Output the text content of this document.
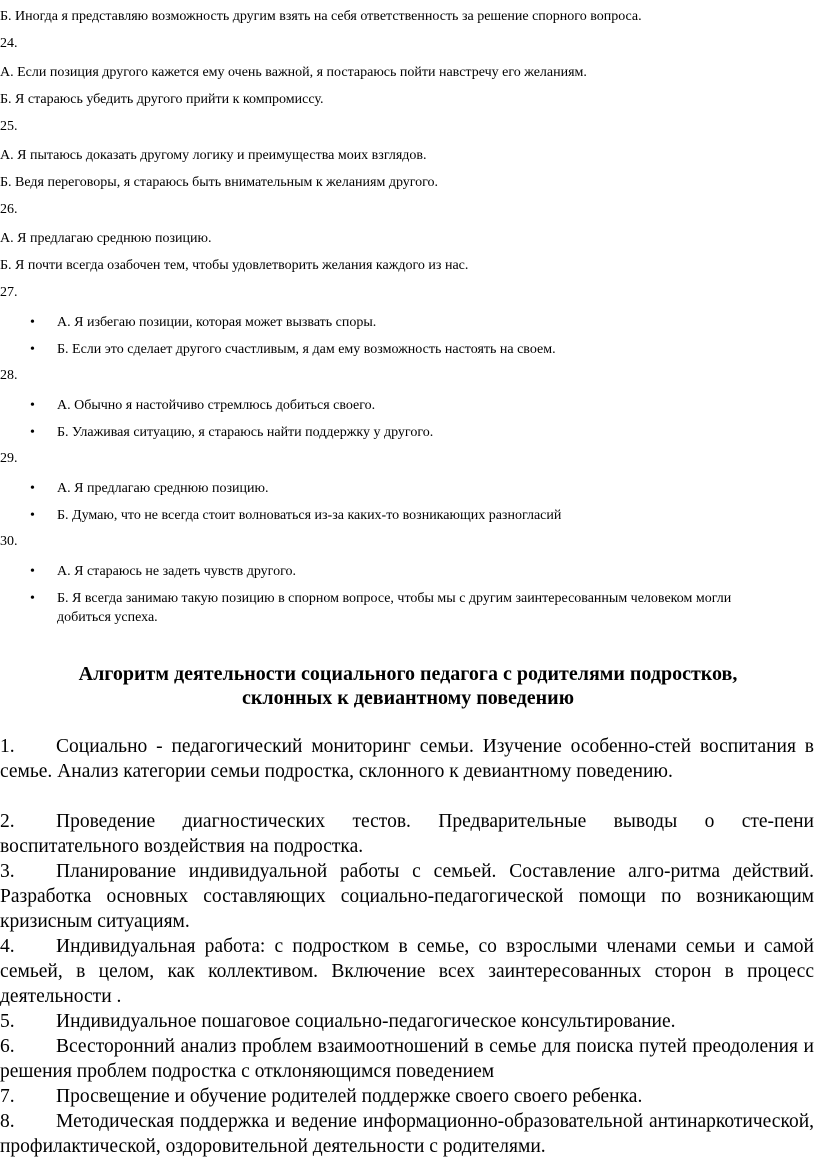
Б. Иногда я представляю возможность другим взять на себя ответственность за решение спорного вопроса.
24.
А. Если позиция другого кажется ему очень важной, я постараюсь пойти навстречу его желаниям.
Б. Я стараюсь убедить другого прийти к компромиссу.
25.
А. Я пытаюсь доказать другому логику и преимущества моих взглядов.
Б. Ведя переговоры, я стараюсь быть внимательным к желаниям другого.
26.
А. Я предлагаю среднюю позицию.
Б. Я почти всегда озабочен тем, чтобы удовлетворить желания каждого из нас.
27.
• А. Я избегаю позиции, которая может вызвать споры.
• Б. Если это сделает другого счастливым, я дам ему возможность настоять на своем.
28.
• А. Обычно я настойчиво стремлюсь добиться своего.
• Б. Улаживая ситуацию, я стараюсь найти поддержку у другого.
29.
• А. Я предлагаю среднюю позицию.
• Б. Думаю, что не всегда стоит волноваться из-за каких-то возникающих разногласий
30.
• А. Я стараюсь не задеть чувств другого.
• Б. Я всегда занимаю такую позицию в спорном вопросе, чтобы мы с другим заинтересованным человеком могли
добиться успеха.
Алгоритм деятельности социального педагога с родителями подростков,
склонных к девиантному поведению
1. Социально - педагогический мониторинг семьи. Изучение особенно-стей воспитания в семье. Анализ категории семьи подростка, склонного к девиантному поведению.
2. Проведение диагностических тестов. Предварительные выводы о сте-пени воспитательного воздействия на подростка.
3. Планирование индивидуальной работы с семьей. Составление алго-ритма действий. Разработка основных составляющих социально-педагогической помощи по возникающим кризисным ситуациям.
4. Индивидуальная работа: с подростком в семье, со взрослыми членами семьи и самой семьей, в целом, как коллективом. Включение всех заинтересованных сторон в процесс деятельности .
5. Индивидуальное пошаговое социально-педагогическое консультирование.
6. Всесторонний анализ проблем взаимоотношений в семье для поиска путей преодоления и решения проблем подростка с отклоняющимся поведением
7. Просвещение и обучение родителей поддержке своего своего ребенка.
8. Методическая поддержка и ведение информационно-образовательной антинаркотической, профилактической, оздоровительной деятельности с родителями.
